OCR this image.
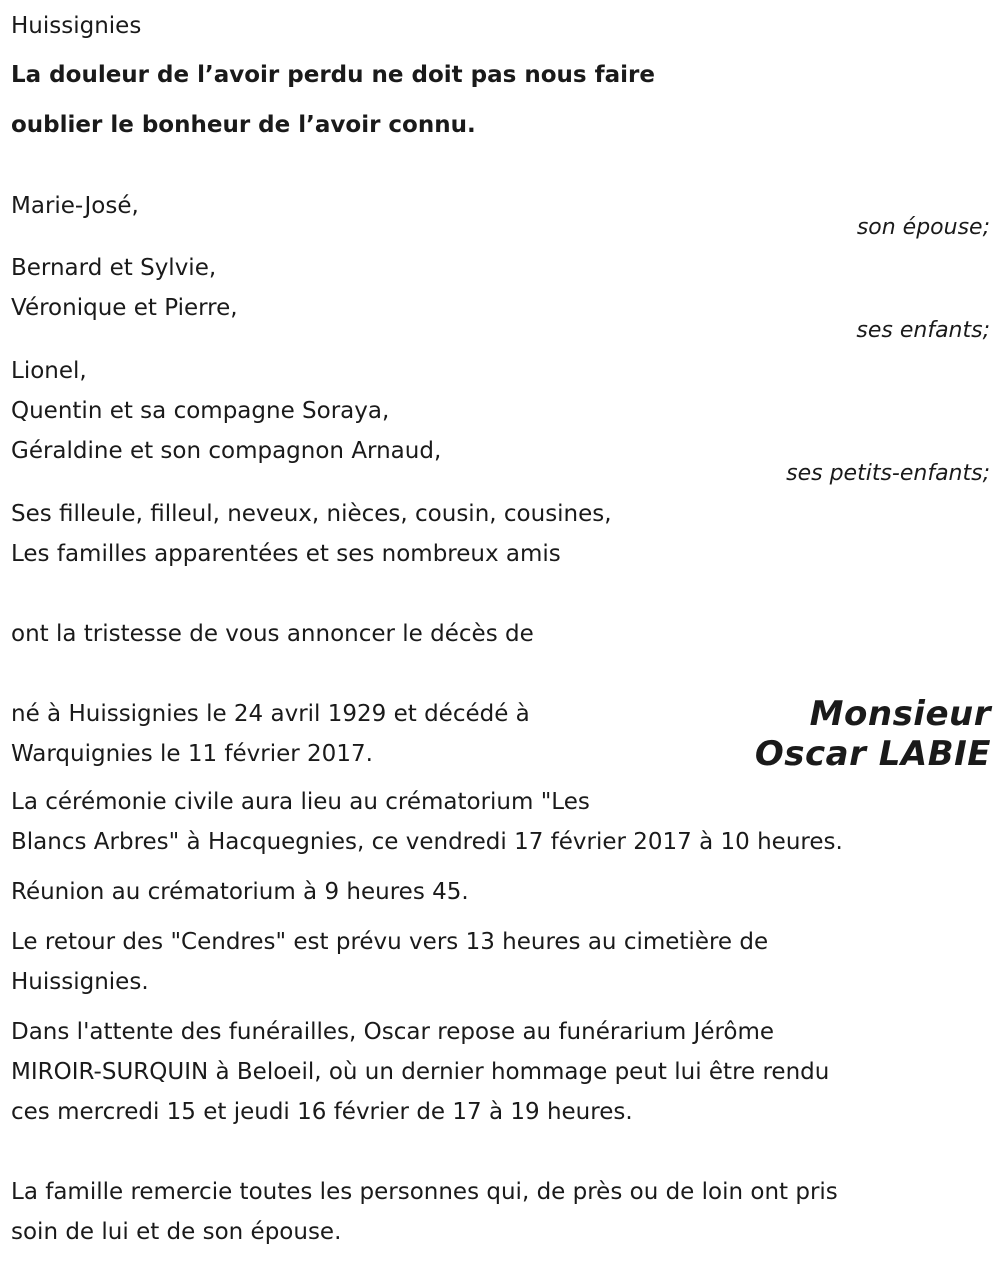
Huissignies

La douleur de l’avoir perdu ne doit pas nous faire

oublier le bonheur de l’avoir connu.

Marie-José,

son épouse;

Bernard et Sylvie,

Véronique et Pierre,

ses enfants;

Lionel,

Quentin et sa compagne Soraya,

Géraldine et son compagnon Arnaud,

ses petits-enfants;

Ses filleule, filleul, neveux, nièces, cousin, cousines,

Les familles apparentées et ses nombreux amis

ont la tristesse de vous annoncer le décès de

Monsieur
Oscar LABIE

né à Huissignies le 24 avril 1929 et décédé à

Warquignies le 11 février 2017.

La cérémonie civile aura lieu au crématorium "Les

Blancs Arbres" à Hacquegnies, ce vendredi 17 février 2017 à 10 heures.

Réunion au crématorium à 9 heures 45.

Le retour des "Cendres" est prévu vers 13 heures au cimetière de

Huissignies.

Dans l'attente des funérailles, Oscar repose au funérarium Jérôme

MIROIR-SURQUIN à Beloeil, où un dernier hommage peut lui être rendu

ces mercredi 15 et jeudi 16 février de 17 à 19 heures.

La famille remercie toutes les personnes qui, de près ou de loin ont pris

soin de lui et de son épouse.
